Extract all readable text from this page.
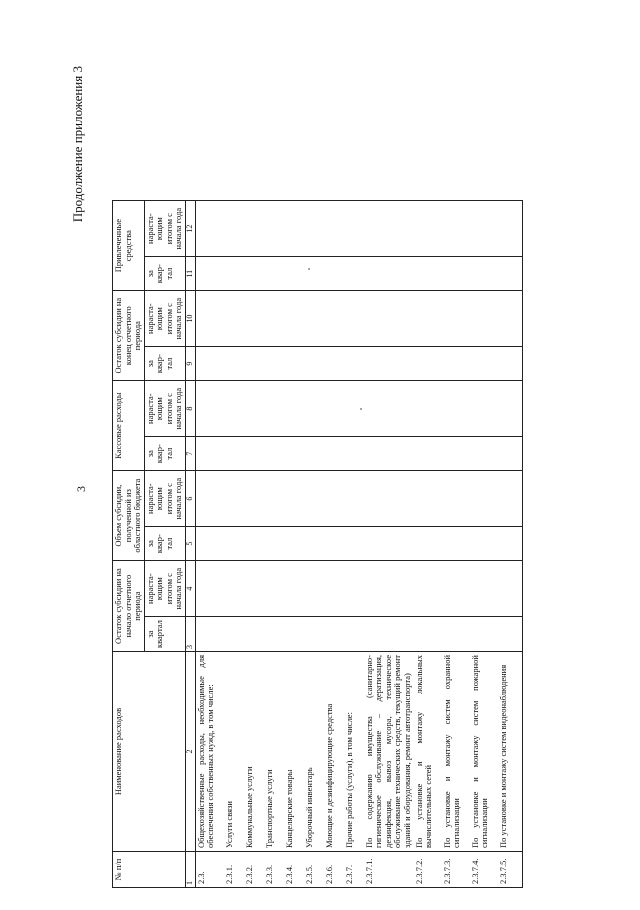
3
Продолжение приложения 3
№ п/п	Наименование расходов	Остаток субсидии на начало отчетного периода		Объем субсидии, полученной из областного бюджета		Кассовые расходы		Остаток субсидии на конец отчетного периода		Привлеченные средства	
		за квартал	нараста-ющим итогом с начала года	за квар-тал	нараста-ющим итогом с начала года	за квар-тал	нараста-ющим итогом с начала года	за квар-тал	нараста-ющим итогом с начала года	за квар-тал	нараста-ющим итогом с начала года
1	2	3	4	5	6	7	8	9	10	11	12
2.3.	Общехозяйственные расходы, необходимые для обеспечения собственных нужд, в том числе:										
2.3.1.	Услуги связи										
2.3.2.	Коммунальные услуги										
2.3.3.	Транспортные услуги										
2.3.4.	Канцелярские товары										
2.3.5.	Уборочный инвентарь										
2.3.6.	Моющие и дезинфицирующие средства										
2.3.7.	Прочие работы (услуги), в том числе:										
2.3.7.1.	По содержанию имущества (санитарно-гигиеническое обслуживание – дератизация, дезинфекция, вывоз мусора, техническое обслуживание технических средств, текущий ремонт зданий и оборудования, ремонт автотранспорта)										
2.3.7.2.	По установке и монтажу локальных вычислительных сетей										
2.3.7.3.	По установке и монтажу систем охранной сигнализации										
2.3.7.4.	По установке и монтажу систем пожарной сигнализации										
2.3.7.5.	По установке и монтажу систем видеонаблюдения										
